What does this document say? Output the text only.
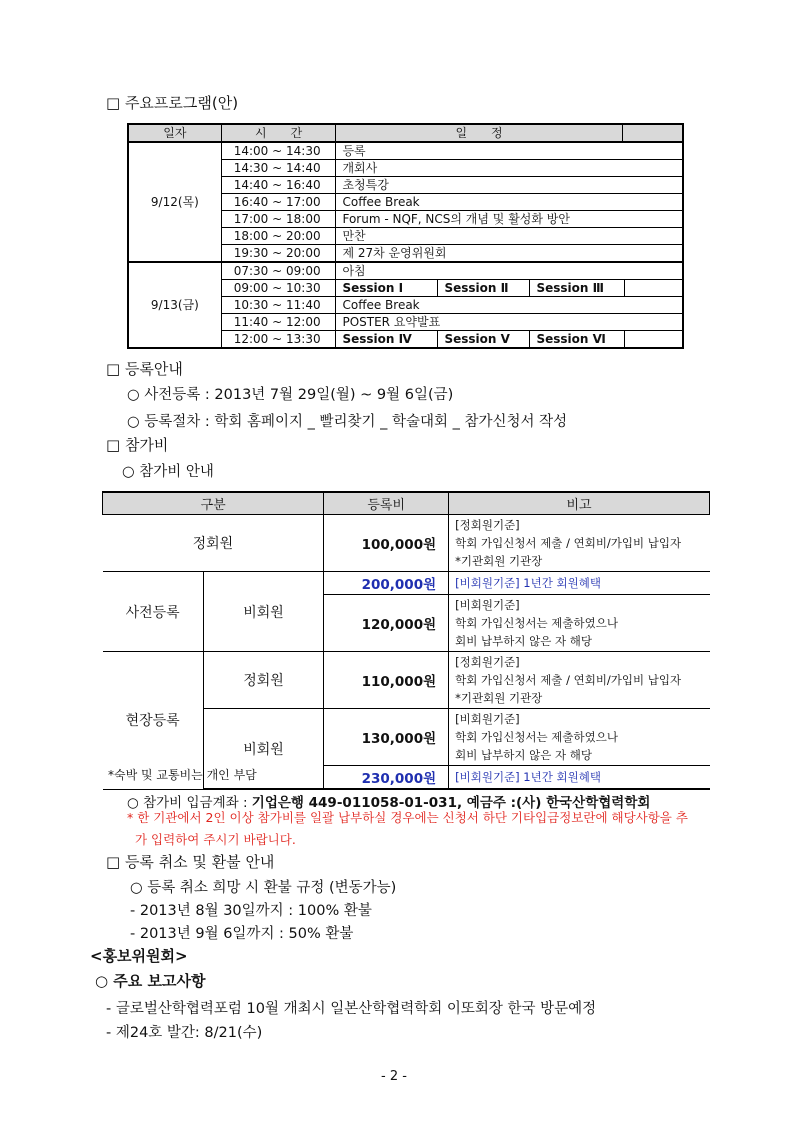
□ 주요프로그램(안)
일자	시　　간	일　　정	
9/12(목)	14:00 ~ 14:30	등록	
	14:30 ~ 14:40	개회사	
	14:40 ~ 16:40	초청특강	
	16:40 ~ 17:00	Coffee Break	
	17:00 ~ 18:00	Forum - NQF, NCS의 개념 및 활성화 방안	
	18:00 ~ 20:00	만찬	
	19:30 ~ 20:00	제 27차 운영위원회	
9/13(금)	07:30 ~ 09:00	아침	
	09:00 ~ 10:30	Session Ⅰ Session Ⅱ Session Ⅲ	

	10:30 ~ 11:40	Coffee Break	
	11:40 ~ 12:00	POSTER 요약발표	
	12:00 ~ 13:30	Session Ⅳ Session Ⅴ Session Ⅵ	
□ 등록안내
○ 사전등록 : 2013년 7월 29일(월) ~ 9월 6일(금)
○ 등록절차 : 학회 홈페이지 _ 빨리찾기 _ 학술대회 _ 참가신청서 작성
□ 참가비
○ 참가비 안내
구분		등록비	비고
정회원		100,000원	[정회원기준]
학회 가입신청서 제출 / 연회비/가입비 납입자
*기관회원 기관장

사전등록	비회원	200,000원	[비회원기준] 1년간 회원혜택
		120,000원	[비회원기준]
학회 가입신청서는 제출하였으나
회비 납부하지 않은 자 해당

현장등록	정회원	110,000원	[정회원기준]
학회 가입신청서 제출 / 연회비/가입비 납입자
*기관회원 기관장

	비회원	130,000원	[비회원기준]
학회 가입신청서는 제출하였으나
회비 납부하지 않은 자 해당

		230,000원	[비회원기준] 1년간 회원혜택
*숙박 및 교통비는 개인 부담
○ 참가비 입금계좌 : 기업은행 449-011058-01-031, 예금주 :(사) 한국산학협력학회
* 한 기관에서 2인 이상 참가비를 일괄 납부하실 경우에는 신청서 하단 기타입금정보란에 해당사항을 추
가 입력하여 주시기 바랍니다.
□ 등록 취소 및 환불 안내
○ 등록 취소 희망 시 환불 규정 (변동가능)
- 2013년 8월 30일까지 : 100% 환불
- 2013년 9월 6일까지 : 50% 환불
<홍보위원회>
○ 주요 보고사항
- 글로벌산학협력포럼 10월 개최시 일본산학협력학회 이또회장 한국 방문예정
- 제24호 발간: 8/21(수)
- 2 -
